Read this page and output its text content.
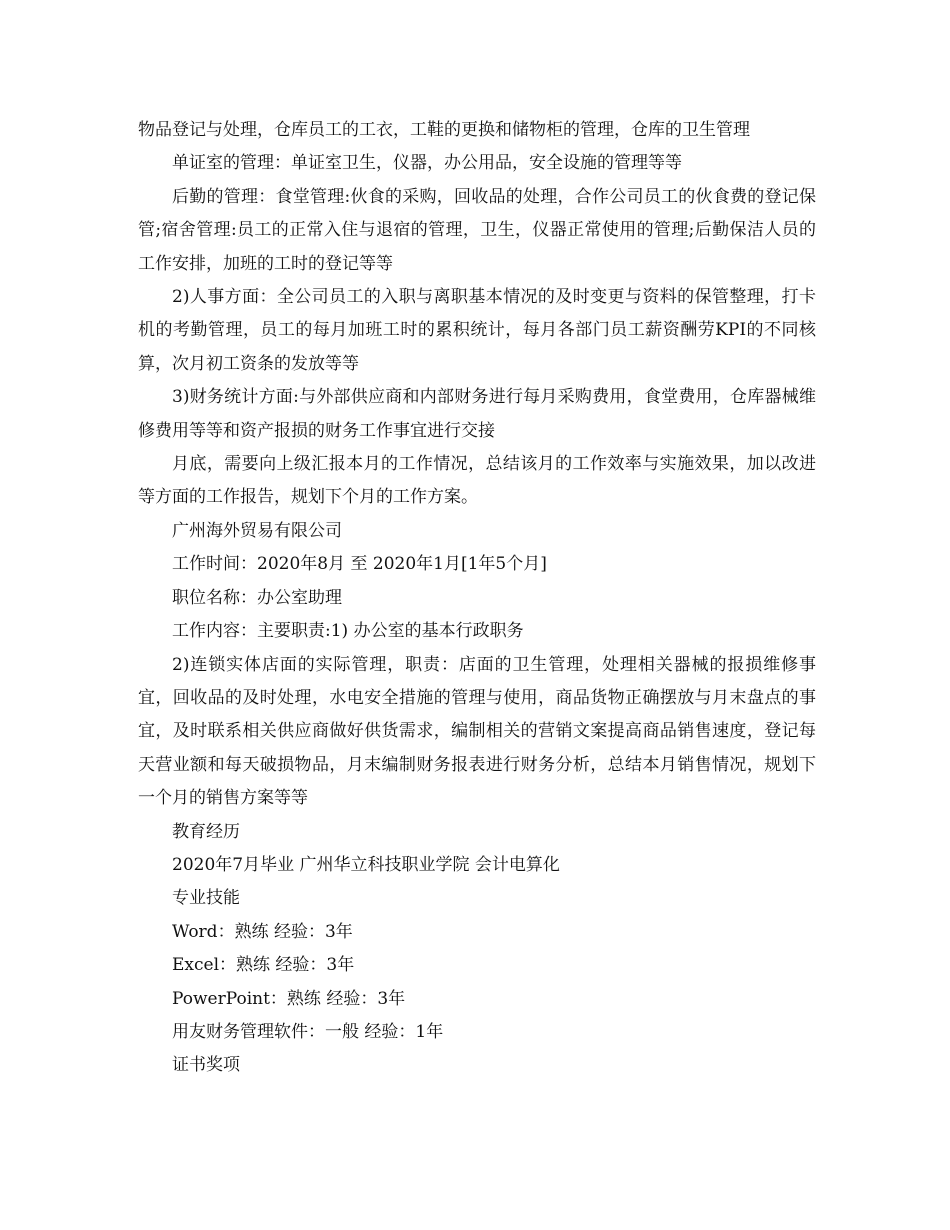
物品登记与处理，仓库员工的工衣，工鞋的更换和储物柜的管理，仓库的卫生管理

单证室的管理：单证室卫生，仪器，办公用品，安全设施的管理等等

后勤的管理：食堂管理:伙食的采购，回收品的处理，合作公司员工的伙食费的登记保管;宿舍管理:员工的正常入住与退宿的管理，卫生，仪器正常使用的管理;后勤保洁人员的工作安排，加班的工时的登记等等

2)人事方面：全公司员工的入职与离职基本情况的及时变更与资料的保管整理，打卡机的考勤管理，员工的每月加班工时的累积统计，每月各部门员工薪资酬劳KPI的不同核算，次月初工资条的发放等等

3)财务统计方面:与外部供应商和内部财务进行每月采购费用，食堂费用，仓库器械维修费用等等和资产报损的财务工作事宜进行交接

月底，需要向上级汇报本月的工作情况，总结该月的工作效率与实施效果，加以改进等方面的工作报告，规划下个月的工作方案。

广州海外贸易有限公司

工作时间：2020年8月 至 2020年1月[1年5个月]

职位名称：办公室助理

工作内容：主要职责:1) 办公室的基本行政职务

2)连锁实体店面的实际管理，职责：店面的卫生管理，处理相关器械的报损维修事宜，回收品的及时处理，水电安全措施的管理与使用，商品货物正确摆放与月末盘点的事宜，及时联系相关供应商做好供货需求，编制相关的营销文案提高商品销售速度，登记每天营业额和每天破损物品，月末编制财务报表进行财务分析，总结本月销售情况，规划下一个月的销售方案等等

教育经历

2020年7月毕业 广州华立科技职业学院 会计电算化

专业技能

Word：熟练 经验：3年

Excel：熟练 经验：3年

PowerPoint：熟练 经验：3年

用友财务管理软件：一般 经验：1年

证书奖项
